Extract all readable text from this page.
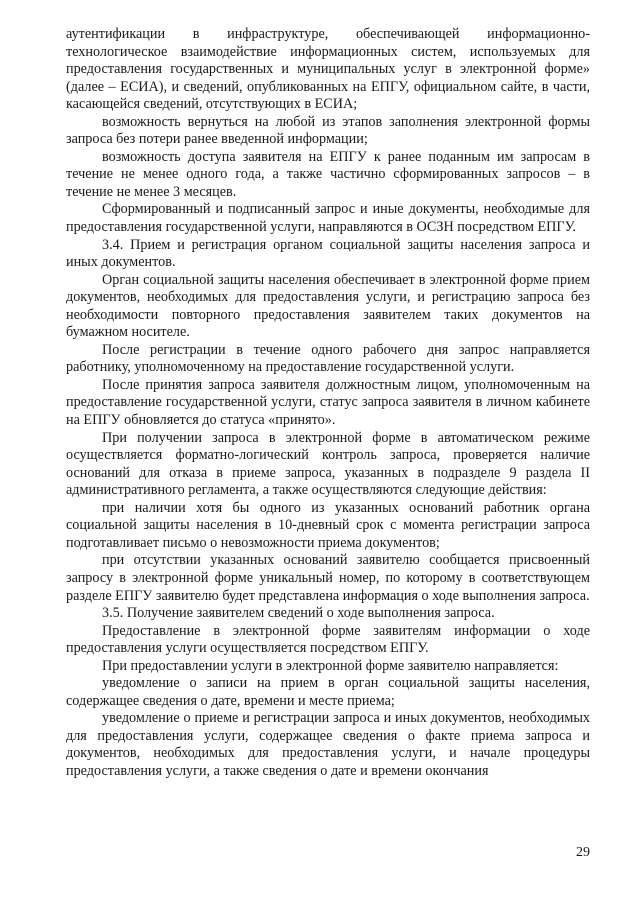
аутентификации в инфраструктуре, обеспечивающей информационно-технологическое взаимодействие информационных систем, используемых для предоставления государственных и муниципальных услуг в электронной форме» (далее – ЕСИА), и сведений, опубликованных на ЕПГУ, официальном сайте, в части, касающейся сведений, отсутствующих в ЕСИА;

возможность вернуться на любой из этапов заполнения электронной формы запроса без потери ранее введенной информации;

возможность доступа заявителя на ЕПГУ к ранее поданным им запросам в течение не менее одного года, а также частично сформированных запросов – в течение не менее 3 месяцев.

Сформированный и подписанный запрос и иные документы, необходимые для предоставления государственной услуги, направляются в ОСЗН посредством ЕПГУ.

3.4. Прием и регистрация органом социальной защиты населения запроса и иных документов.

Орган социальной защиты населения обеспечивает в электронной форме прием документов, необходимых для предоставления услуги, и регистрацию запроса без необходимости повторного предоставления заявителем таких документов на бумажном носителе.

После регистрации в течение одного рабочего дня запрос направляется работнику, уполномоченному на предоставление государственной услуги.

После принятия запроса заявителя должностным лицом, уполномоченным на предоставление государственной услуги, статус запроса заявителя в личном кабинете на ЕПГУ обновляется до статуса «принято».

При получении запроса в электронной форме в автоматическом режиме осуществляется форматно-логический контроль запроса, проверяется наличие оснований для отказа в приеме запроса, указанных в подразделе 9 раздела II административного регламента, а также осуществляются следующие действия:

при наличии хотя бы одного из указанных оснований работник органа социальной защиты населения в 10-дневный срок с момента регистрации запроса подготавливает письмо о невозможности приема документов;

при отсутствии указанных оснований заявителю сообщается присвоенный запросу в электронной форме уникальный номер, по которому в соответствующем разделе ЕПГУ заявителю будет представлена информация о ходе выполнения запроса.

3.5. Получение заявителем сведений о ходе выполнения запроса.

Предоставление в электронной форме заявителям информации о ходе предоставления услуги осуществляется посредством ЕПГУ.

При предоставлении услуги в электронной форме заявителю направляется:

уведомление о записи на прием в орган социальной защиты населения, содержащее сведения о дате, времени и месте приема;

уведомление о приеме и регистрации запроса и иных документов, необходимых для предоставления услуги, содержащее сведения о факте приема запроса и документов, необходимых для предоставления услуги, и начале процедуры предоставления услуги, а также сведения о дате и времени окончания

29
